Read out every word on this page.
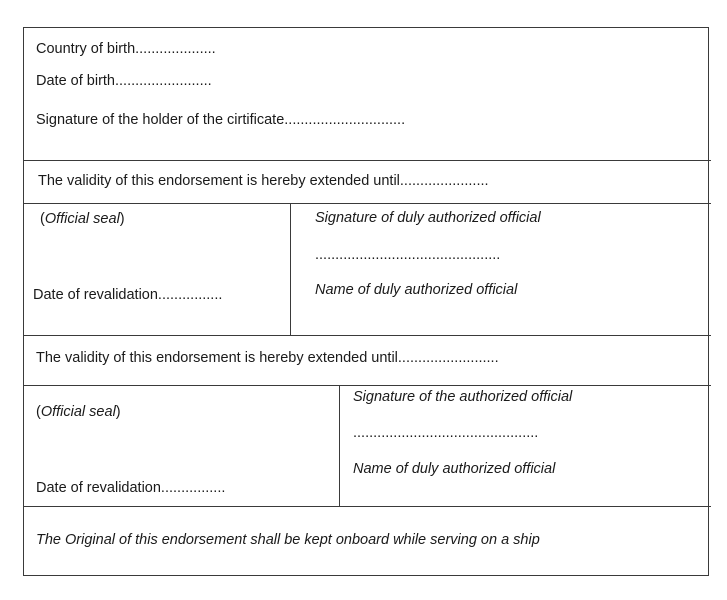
Country of birth....................
Date of birth........................
Signature of the holder of the cirtificate..............................
The validity of this endorsement is hereby extended until......................
(Official seal)
Date of revalidation................
Signature of duly authorized official
..............................................
Name of duly authorized official
The validity of this endorsement is hereby extended until.........................
(Official seal)
Date of revalidation................
Signature of the authorized official
..............................................
Name of duly authorized official
The Original of this endorsement shall be kept onboard while serving on a ship
